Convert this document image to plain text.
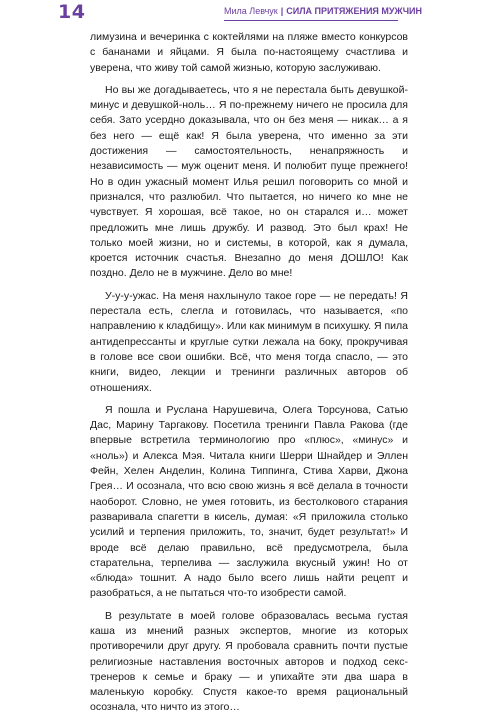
14	Мила Левчук | СИЛА ПРИТЯЖЕНИЯ МУЖЧИН

лимузина и вечеринка с коктейлями на пляже вместо конкурсов с бананами и яйцами. Я была по-настоящему счастлива и уверена, что живу той самой жизнью, которую заслуживаю.

Но вы же догадываетесь, что я не перестала быть девушкой-минус и девушкой-ноль… Я по-прежнему ничего не просила для себя. Зато усердно доказывала, что он без меня — никак… а я без него — ещё как! Я была уверена, что именно за эти достижения — самостоятельность, ненапряжность и независимость — муж оценит меня. И полюбит пуще прежнего! Но в один ужасный момент Илья решил поговорить со мной и признался, что разлюбил. Что пытается, но ничего ко мне не чувствует. Я хорошая, всё такое, но он старался и… может предложить мне лишь дружбу. И развод. Это был крах! Не только моей жизни, но и системы, в которой, как я думала, кроется источник счастья. Внезапно до меня ДОШЛО! Как поздно. Дело не в мужчине. Дело во мне!

У-у-у-ужас. На меня нахлынуло такое горе — не передать! Я перестала есть, слегла и готовилась, что называется, «по направлению к кладбищу». Или как минимум в психушку. Я пила антидепрессанты и круглые сутки лежала на боку, прокручивая в голове все свои ошибки. Всё, что меня тогда спасло, — это книги, видео, лекции и тренинги различных авторов об отношениях.

Я пошла и Руслана Нарушевича, Олега Торсунова, Сатью Дас, Марину Таргакову. Посетила тренинги Павла Ракова (где впервые встретила терминологию про «плюс», «минус» и «ноль») и Алекса Мэя. Читала книги Шерри Шнайдер и Эллен Фейн, Хелен Анделин, Колина Типпинга, Стива Харви, Джона Грея… И осознала, что всю свою жизнь я всё делала в точности наоборот. Словно, не умея готовить, из бестолкового старания разваривала спагетти в кисель, думая: «Я приложила столько усилий и терпения приложить, то, значит, будет результат!» И вроде всё делаю правильно, всё предусмотрела, была старательна, терпелива — заслужила вкусный ужин! Но от «блюда» тошнит. А надо было всего лишь найти рецепт и разобраться, а не пытаться что-то изобрести самой.

В результате в моей голове образовалась весьма густая каша из мнений разных экспертов, многие из которых противоречили друг другу. Я пробовала сравнить почти пустые религиозные наставления восточных авторов и подход секс-тренеров к семье и браку — и упихайте эти два шара в маленькую коробку. Спустя какое-то время рациональный осознала, что ничто из этого…
